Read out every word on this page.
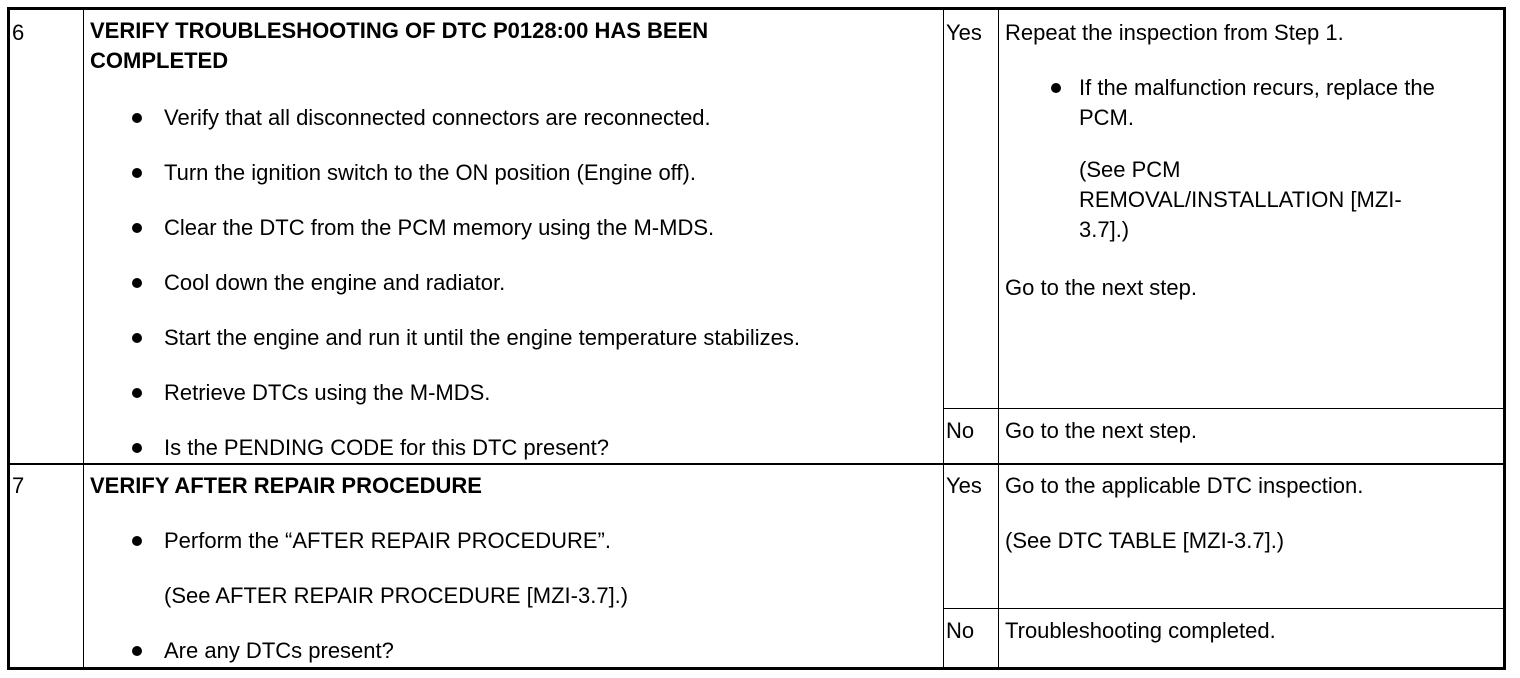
6	VERIFY TROUBLESHOOTING OF DTC P0128:00 HAS BEEN COMPLETED
Verify that all disconnected connectors are reconnected.
Turn the ignition switch to the ON position (Engine off).
Clear the DTC from the PCM memory using the M-MDS.
Cool down the engine and radiator.
Start the engine and run it until the engine temperature stabilizes.
Retrieve DTCs using the M-MDS.
Is the PENDING CODE for this DTC present?
Yes Repeat the inspection from Step 1.
If the malfunction recurs, replace the PCM.
(See PCM REMOVAL/INSTALLATION [MZI-3.7].)
Go to the next step.
No Go to the next step.
7	VERIFY AFTER REPAIR PROCEDURE
Perform the “AFTER REPAIR PROCEDURE”.
(See AFTER REPAIR PROCEDURE [MZI-3.7].)
Are any DTCs present?
Yes Go to the applicable DTC inspection.
(See DTC TABLE [MZI-3.7].)
No Troubleshooting completed.
